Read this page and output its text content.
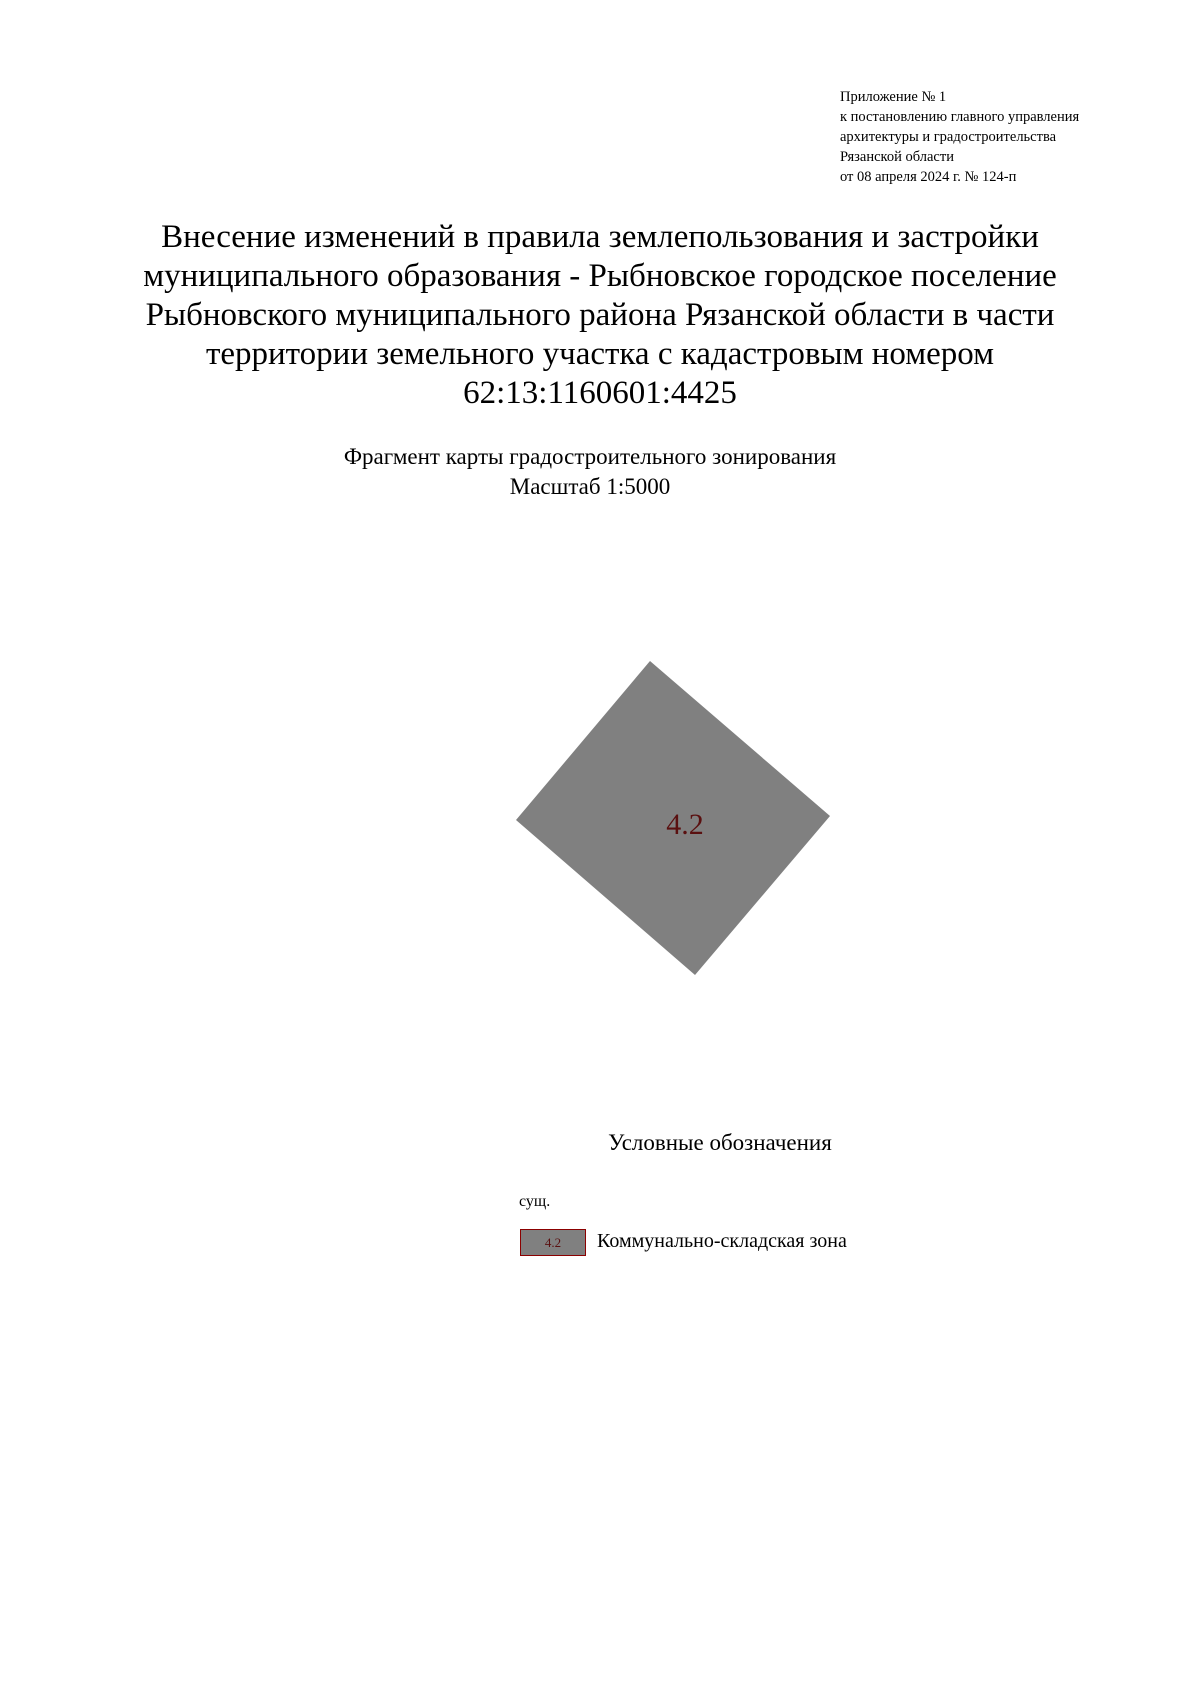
Приложение № 1
к постановлению главного управления
архитектуры и градостроительства
Рязанской области
от 08 апреля 2024 г. № 124-п
Внесение изменений в правила землепользования и застройки
муниципального образования - Рыбновское городское поселение
Рыбновского муниципального района Рязанской области в части
территории земельного участка с кадастровым номером
62:13:1160601:4425
Фрагмент карты градостроительного зонирования
Масштаб 1:5000
4.2
Условные обозначения
сущ.
4.2 Коммунально-складская зона
